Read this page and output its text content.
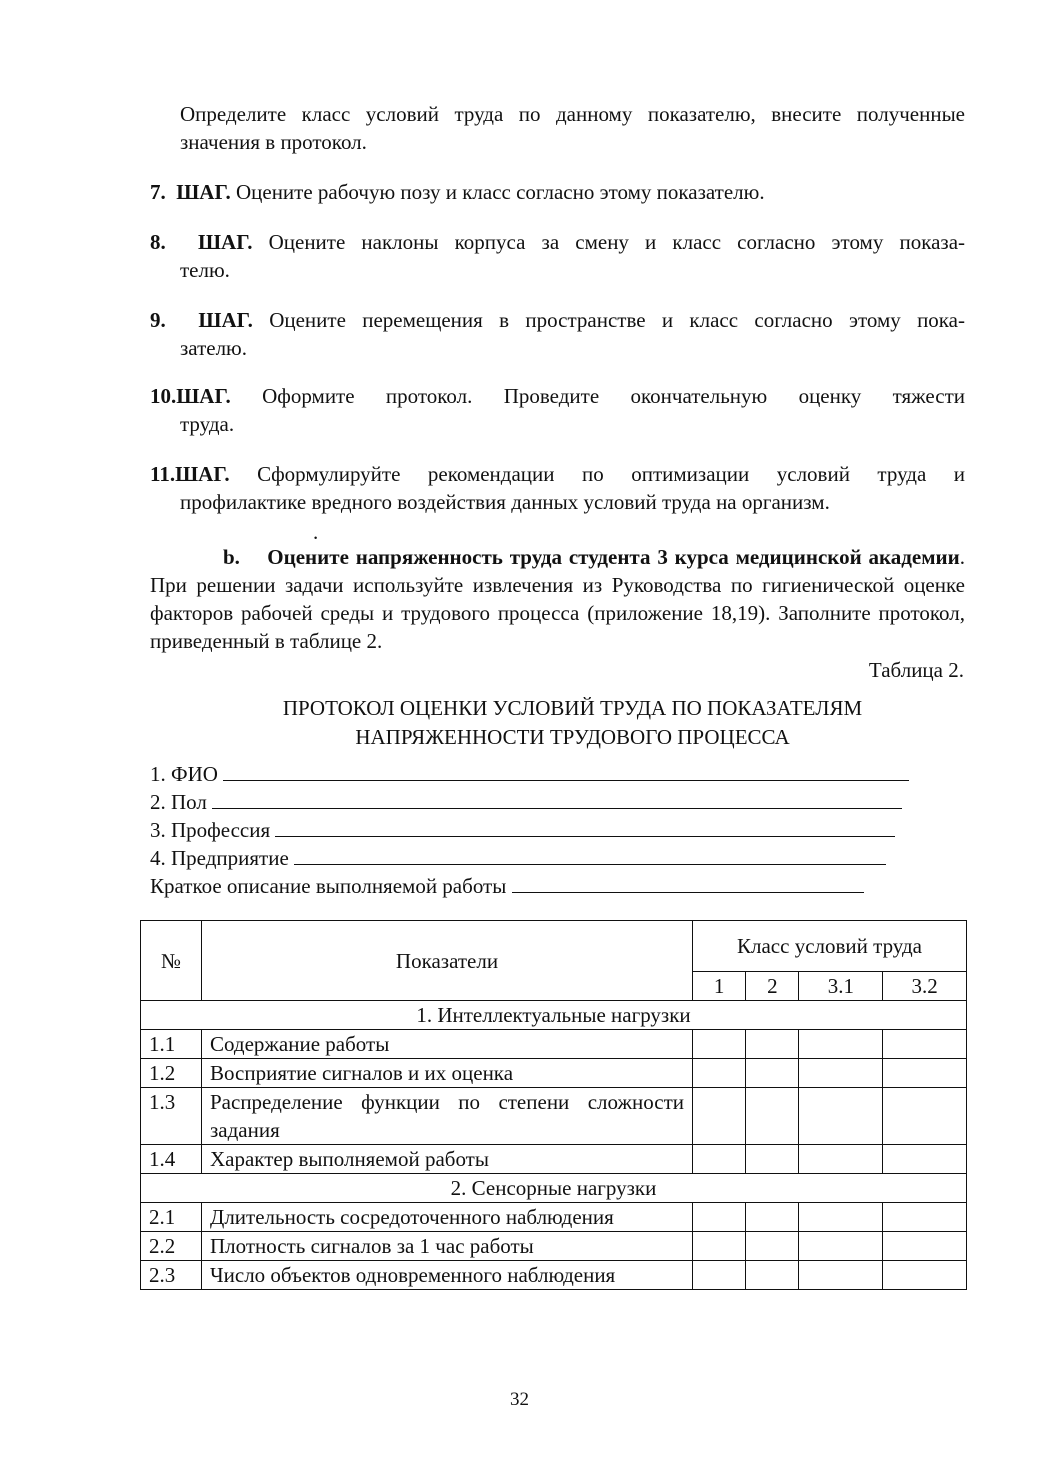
Определите класс условий труда по данному показателю, внесите полученные значения в протокол.
7. ШАГ. Оцените рабочую позу и класс согласно этому показателю.
8. ШАГ. Оцените наклоны корпуса за смену и класс согласно этому показа-
телю.
9. ШАГ. Оцените перемещения в пространстве и класс согласно этому пока-
зателю.
10.ШАГ. Оформите протокол. Проведите окончательную оценку тяжести
труда.
11.ШАГ. Сформулируйте рекомендации по оптимизации условий труда и
профилактике вредного воздействия данных условий труда на организм.
.
b. Оцените напряженность труда студента 3 курса медицинской академии. При решении задачи используйте извлечения из Руководства по гигиенической оценке факторов рабочей среды и трудового процесса (приложение 18,19). Заполните протокол, приведенный в таблице 2.
Таблица 2.
ПРОТОКОЛ ОЦЕНКИ УСЛОВИЙ ТРУДА ПО ПОКАЗАТЕЛЯМ
НАПРЯЖЕННОСТИ ТРУДОВОГО ПРОЦЕССА
1. ФИО
2. Пол
3. Профессия
4. Предприятие
Краткое описание выполняемой работы
№	Показатели	Класс условий труда			
		1	2	3.1	3.2
1. Интеллектуальные нагрузки					
1.1	Содержание работы				
1.2	Восприятие сигналов и их оценка				
1.3	Распределение функции по степени сложности задания				
1.4	Характер выполняемой работы				
2. Сенсорные нагрузки					
2.1	Длительность сосредоточенного наблюдения				
2.2	Плотность сигналов за 1 час работы				
2.3	Число объектов одновременного наблюдения				
32
